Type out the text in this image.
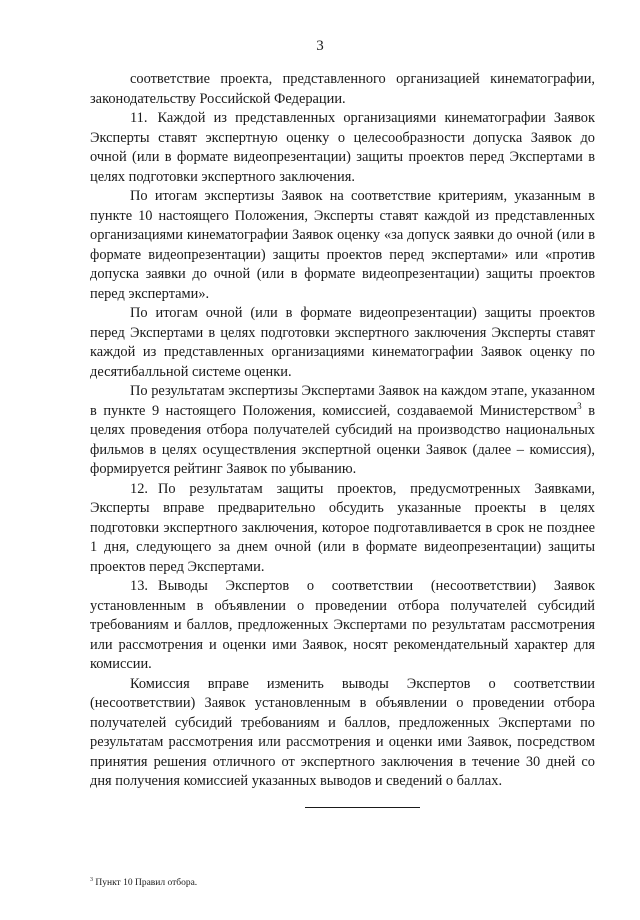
3

соответствие проекта, представленного организацией кинематографии, законодательству Российской Федерации.

11. Каждой из представленных организациями кинематографии Заявок Эксперты ставят экспертную оценку о целесообразности допуска Заявок до очной (или в формате видеопрезентации) защиты проектов перед Экспертами в целях подготовки экспертного заключения.

По итогам экспертизы Заявок на соответствие критериям, указанным в пункте 10 настоящего Положения, Эксперты ставят каждой из представленных организациями кинематографии Заявок оценку «за допуск заявки до очной (или в формате видеопрезентации) защиты проектов перед экспертами» или «против допуска заявки до очной (или в формате видеопрезентации) защиты проектов перед экспертами».

По итогам очной (или в формате видеопрезентации) защиты проектов перед Экспертами в целях подготовки экспертного заключения Эксперты ставят каждой из представленных организациями кинематографии Заявок оценку по десятибалльной системе оценки.

По результатам экспертизы Экспертами Заявок на каждом этапе, указанном в пункте 9 настоящего Положения, комиссией, создаваемой Министерством$^3$ в целях проведения отбора получателей субсидий на производство национальных фильмов в целях осуществления экспертной оценки Заявок (далее – комиссия), формируется рейтинг Заявок по убыванию.

12. По результатам защиты проектов, предусмотренных Заявками, Эксперты вправе предварительно обсудить указанные проекты в целях подготовки экспертного заключения, которое подготавливается в срок не позднее 1 дня, следующего за днем очной (или в формате видеопрезентации) защиты проектов перед Экспертами.

13. Выводы Экспертов о соответствии (несоответствии) Заявок установленным в объявлении о проведении отбора получателей субсидий требованиям и баллов, предложенных Экспертами по результатам рассмотрения или рассмотрения и оценки ими Заявок, носят рекомендательный характер для комиссии.

Комиссия вправе изменить выводы Экспертов о соответствии (несоответствии) Заявок установленным в объявлении о проведении отбора получателей субсидий требованиям и баллов, предложенных Экспертами по результатам рассмотрения или рассмотрения и оценки ими Заявок, посредством принятия решения отличного от экспертного заключения в течение 30 дней со дня получения комиссией указанных выводов и сведений о баллах.

$^3$ Пункт 10 Правил отбора.
